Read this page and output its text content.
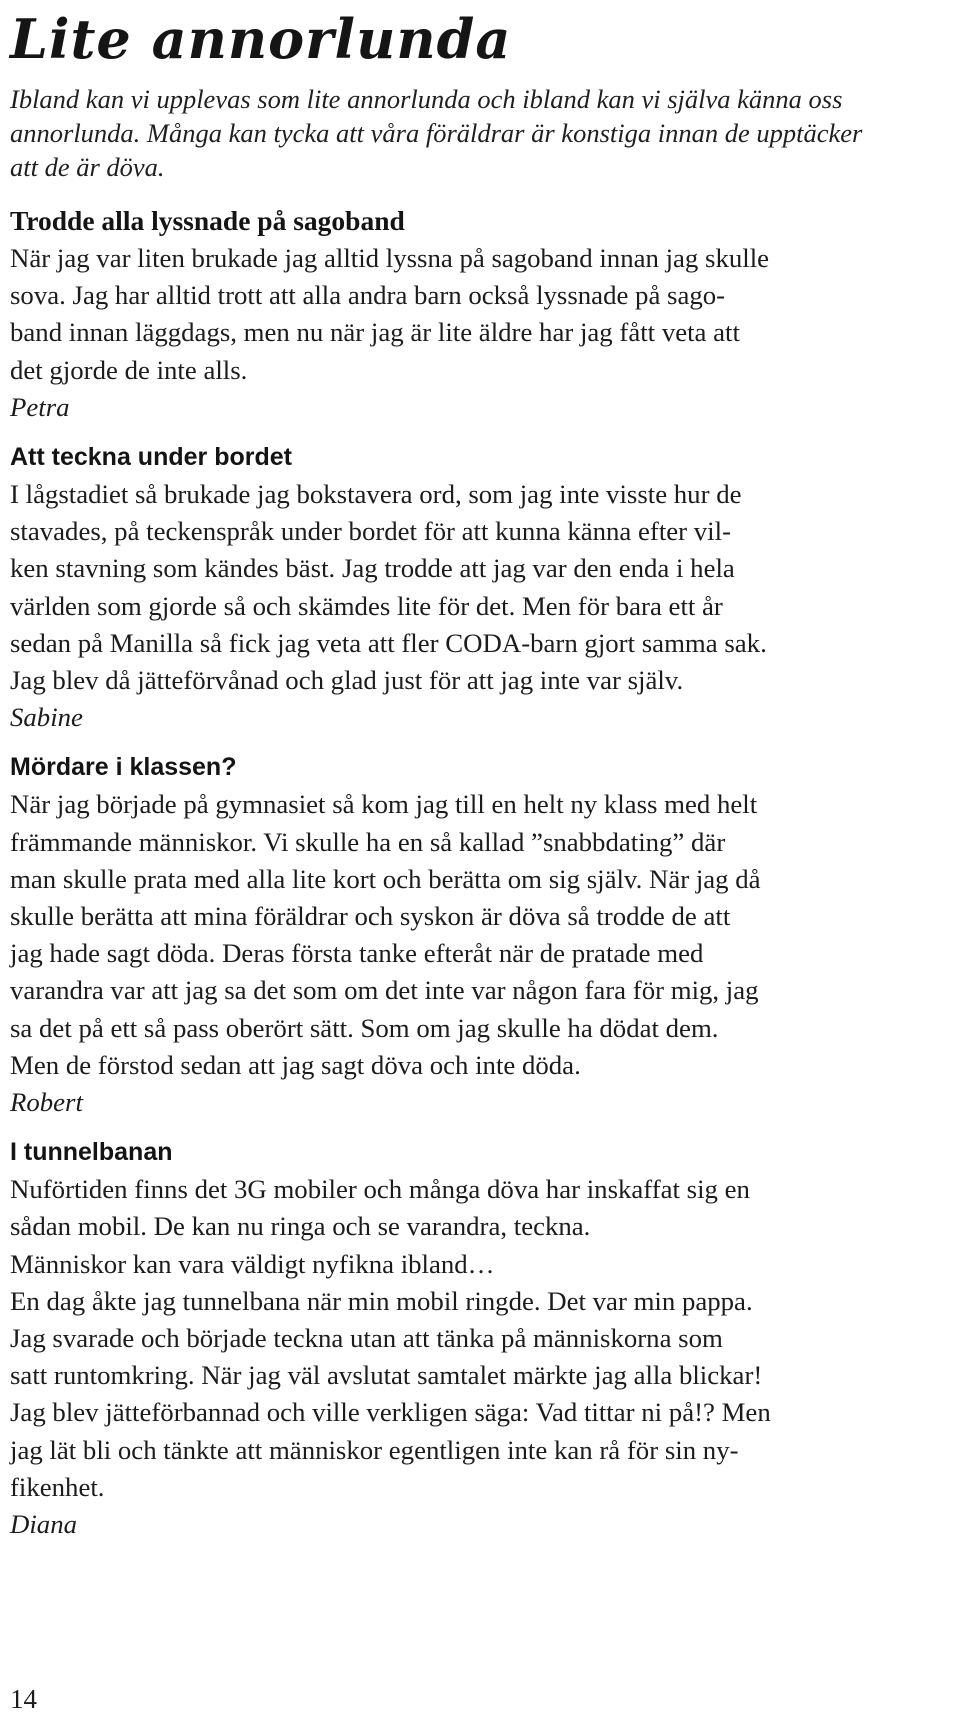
Lite annorlunda

Ibland kan vi upplevas som lite annorlunda och ibland kan vi själva känna oss
annorlunda. Många kan tycka att våra föräldrar är konstiga innan de upptäcker
att de är döva.

Trodde alla lyssnade på sagoband

När jag var liten brukade jag alltid lyssna på sagoband innan jag skulle
sova. Jag har alltid trott att alla andra barn också lyssnade på sago-
band innan läggdags, men nu när jag är lite äldre har jag fått veta att
det gjorde de inte alls.

Petra

Att teckna under bordet

I lågstadiet så brukade jag bokstavera ord, som jag inte visste hur de
stavades, på teckenspråk under bordet för att kunna känna efter vil-
ken stavning som kändes bäst. Jag trodde att jag var den enda i hela
världen som gjorde så och skämdes lite för det. Men för bara ett år
sedan på Manilla så fick jag veta att fler CODA-barn gjort samma sak.
Jag blev då jätteförvånad och glad just för att jag inte var själv.

Sabine

Mördare i klassen?

När jag började på gymnasiet så kom jag till en helt ny klass med helt
främmande människor. Vi skulle ha en så kallad ”snabbdating” där
man skulle prata med alla lite kort och berätta om sig själv. När jag då
skulle berätta att mina föräldrar och syskon är döva så trodde de att
jag hade sagt döda. Deras första tanke efteråt när de pratade med
varandra var att jag sa det som om det inte var någon fara för mig, jag
sa det på ett så pass oberört sätt. Som om jag skulle ha dödat dem.
Men de förstod sedan att jag sagt döva och inte döda.

Robert

I tunnelbanan

Nuförtiden finns det 3G mobiler och många döva har inskaffat sig en
sådan mobil. De kan nu ringa och se varandra, teckna.
Människor kan vara väldigt nyfikna ibland…
En dag åkte jag tunnelbana när min mobil ringde. Det var min pappa.
Jag svarade och började teckna utan att tänka på människorna som
satt runtomkring. När jag väl avslutat samtalet märkte jag alla blickar!
Jag blev jätteförbannad och ville verkligen säga: Vad tittar ni på!? Men
jag lät bli och tänkte att människor egentligen inte kan rå för sin ny-
fikenhet.

Diana

14
